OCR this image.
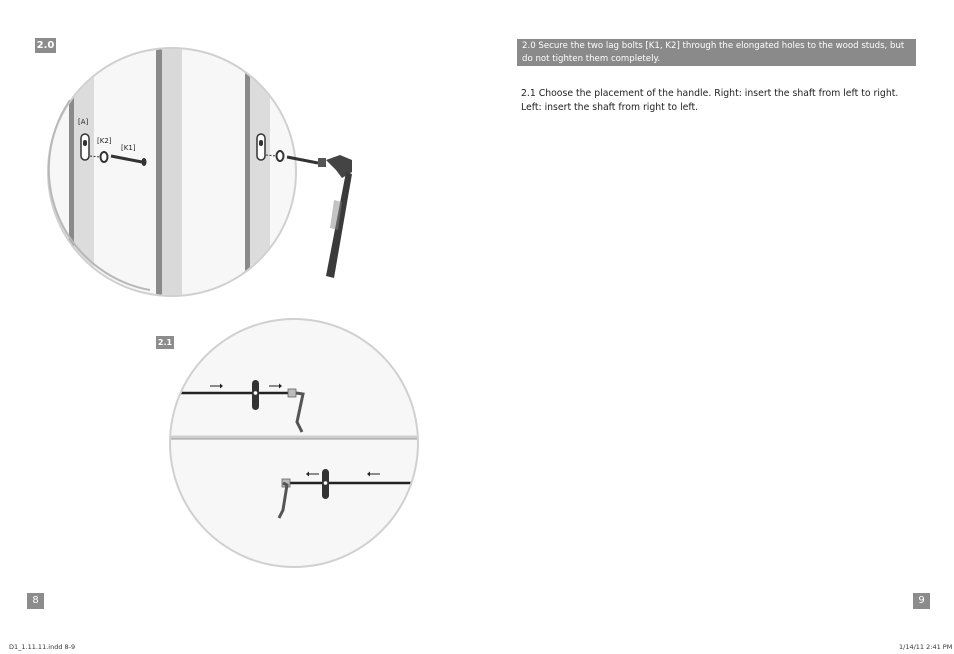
2.0
2.1
[A]
[K2]
[K1]
2.0 Secure the two lag bolts [K1, K2] through the elongated holes to the wood studs, but do not tighten them completely.
2.1 Choose the placement of the handle. Right: insert the shaft from left to right. Left: insert the shaft from right to left.
8	9
D1_1.11.11.indd 8-9	1/14/11 2:41 PM
